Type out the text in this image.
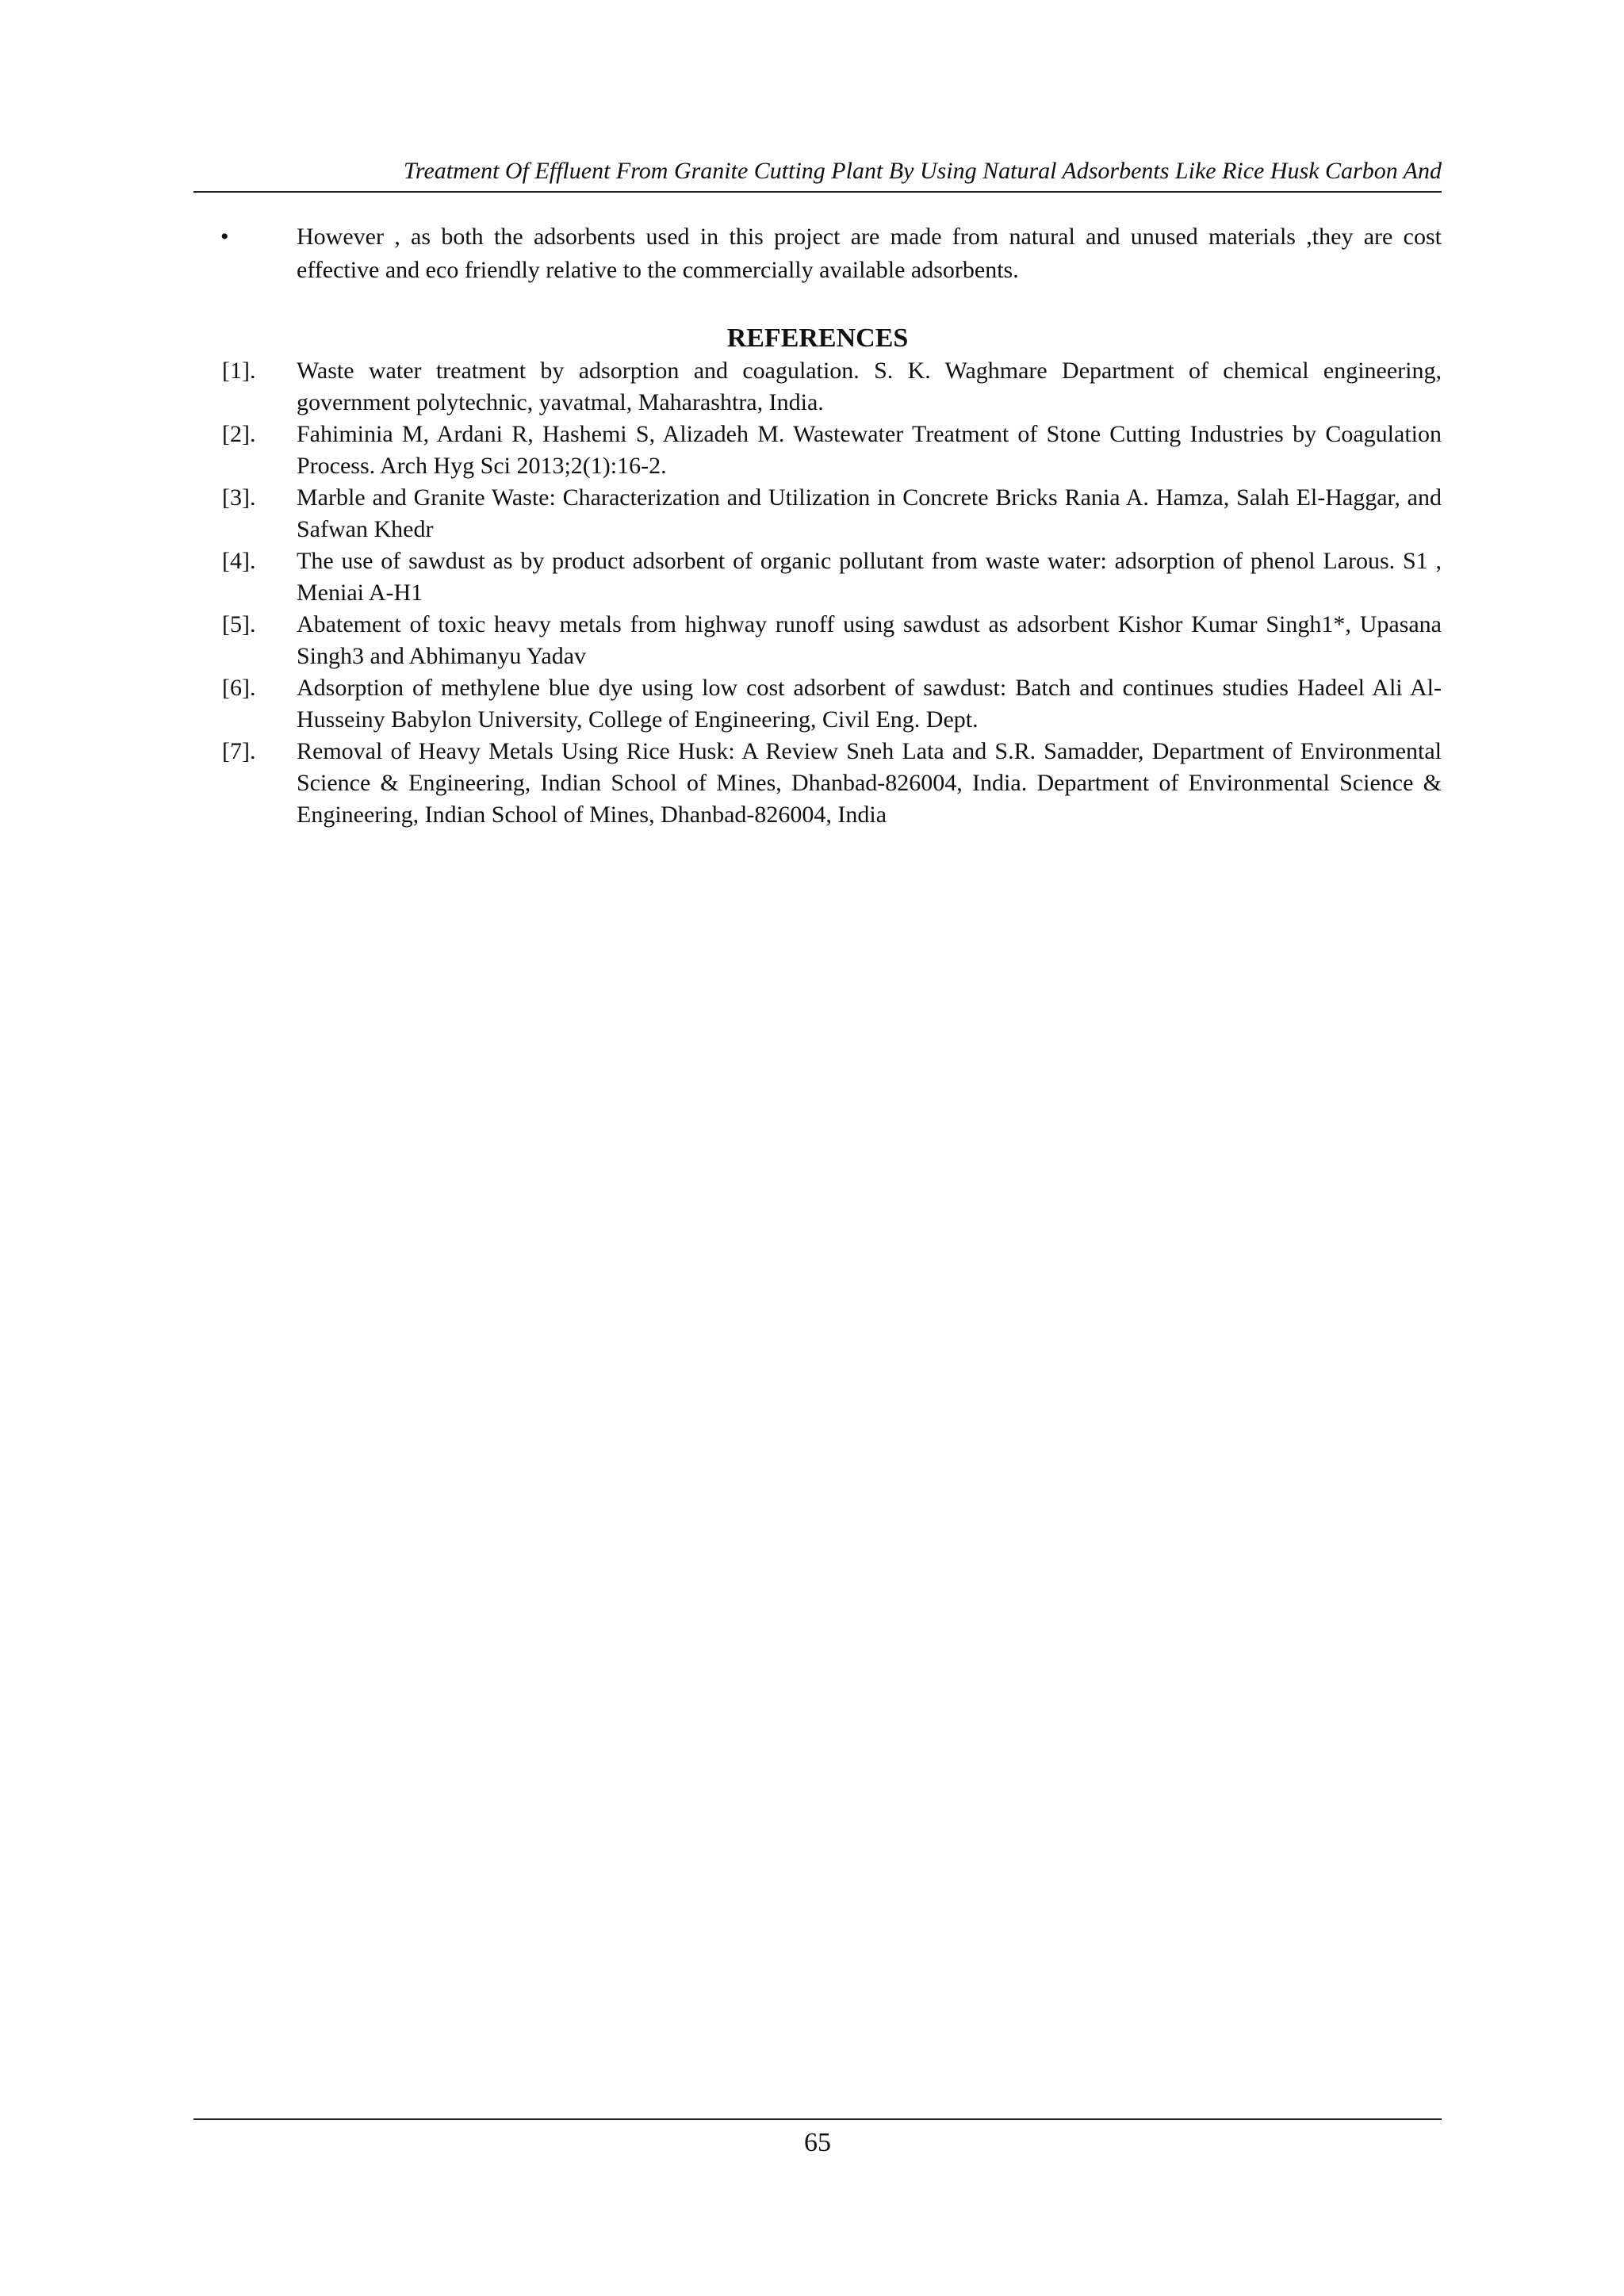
Treatment Of Effluent From Granite Cutting Plant By Using Natural Adsorbents Like Rice Husk Carbon And
•	However , as both the adsorbents used in this project are made from natural and unused materials ,they are cost effective and eco friendly relative to the commercially available adsorbents.
REFERENCES
[1]. Waste water treatment by adsorption and coagulation. S. K. Waghmare Department of chemical engineering, government polytechnic, yavatmal, Maharashtra, India.
[2]. Fahiminia M, Ardani R, Hashemi S, Alizadeh M. Wastewater Treatment of Stone Cutting Industries by Coagulation Process. Arch Hyg Sci 2013;2(1):16-2.
[3]. Marble and Granite Waste: Characterization and Utilization in Concrete Bricks Rania A. Hamza, Salah El-Haggar, and Safwan Khedr
[4]. The use of sawdust as by product adsorbent of organic pollutant from waste water: adsorption of phenol Larous. S1 , Meniai A-H1
[5]. Abatement of toxic heavy metals from highway runoff using sawdust as adsorbent Kishor Kumar Singh1*, Upasana Singh3 and Abhimanyu Yadav
[6]. Adsorption of methylene blue dye using low cost adsorbent of sawdust: Batch and continues studies Hadeel Ali Al-Husseiny Babylon University, College of Engineering, Civil Eng. Dept.
[7]. Removal of Heavy Metals Using Rice Husk: A Review Sneh Lata and S.R. Samadder, Department of Environmental Science & Engineering, Indian School of Mines, Dhanbad-826004, India. Department of Environmental Science & Engineering, Indian School of Mines, Dhanbad-826004, India
65
